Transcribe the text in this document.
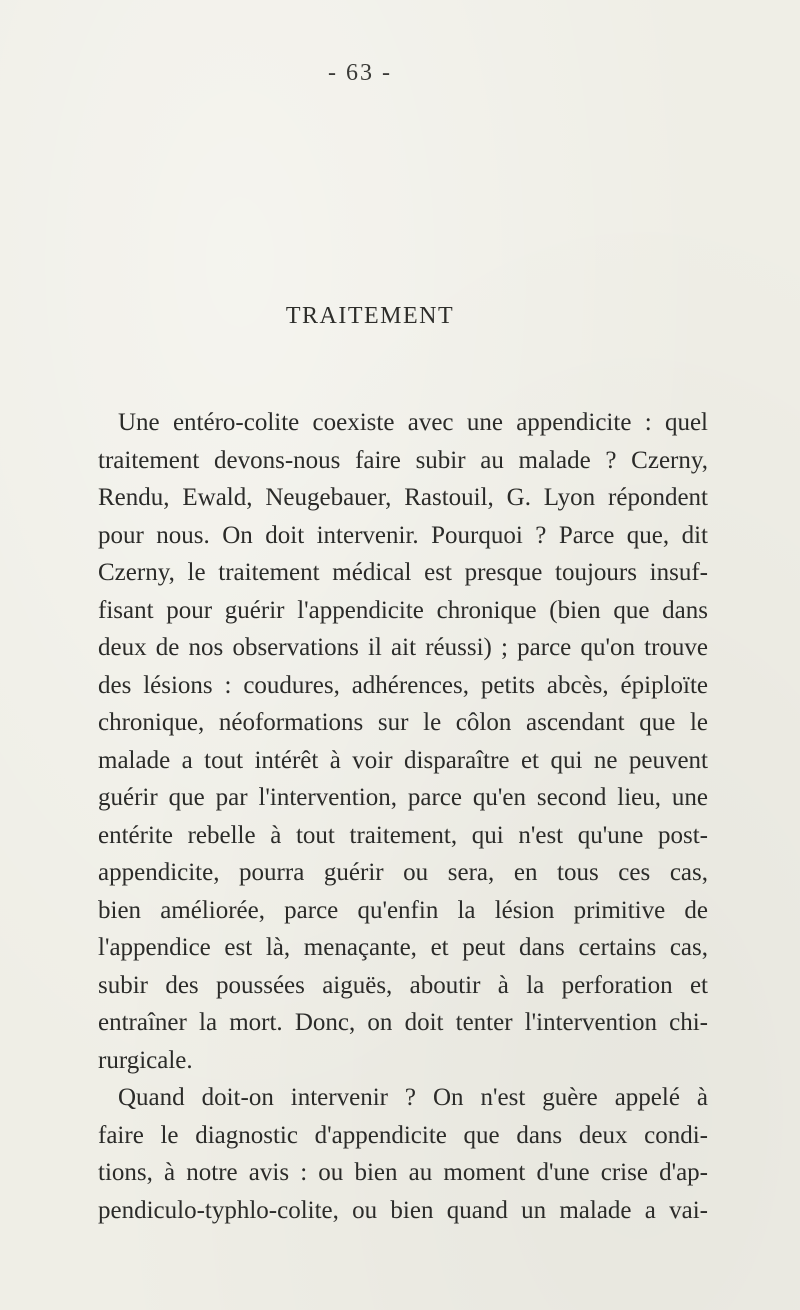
- 63 -
TRAITEMENT
Une entéro-colite coexiste avec une appendicite : quel
traitement devons-nous faire subir au malade ? Czerny,
Rendu, Ewald, Neugebauer, Rastouil, G. Lyon répondent
pour nous. On doit intervenir. Pourquoi ? Parce que, dit
Czerny, le traitement médical est presque toujours insuf-
fisant pour guérir l'appendicite chronique (bien que dans
deux de nos observations il ait réussi) ; parce qu'on trouve
des lésions : coudures, adhérences, petits abcès, épiploïte
chronique, néoformations sur le côlon ascendant que le
malade a tout intérêt à voir disparaître et qui ne peuvent
guérir que par l'intervention, parce qu'en second lieu, une
entérite rebelle à tout traitement, qui n'est qu'une post-
appendicite, pourra guérir ou sera, en tous ces cas,
bien améliorée, parce qu'enfin la lésion primitive de
l'appendice est là, menaçante, et peut dans certains cas,
subir des poussées aiguës, aboutir à la perforation et
entraîner la mort. Donc, on doit tenter l'intervention chi-
rurgicale.
Quand doit-on intervenir ? On n'est guère appelé à
faire le diagnostic d'appendicite que dans deux condi-
tions, à notre avis : ou bien au moment d'une crise d'ap-
pendiculo-typhlo-colite, ou bien quand un malade a vai-
